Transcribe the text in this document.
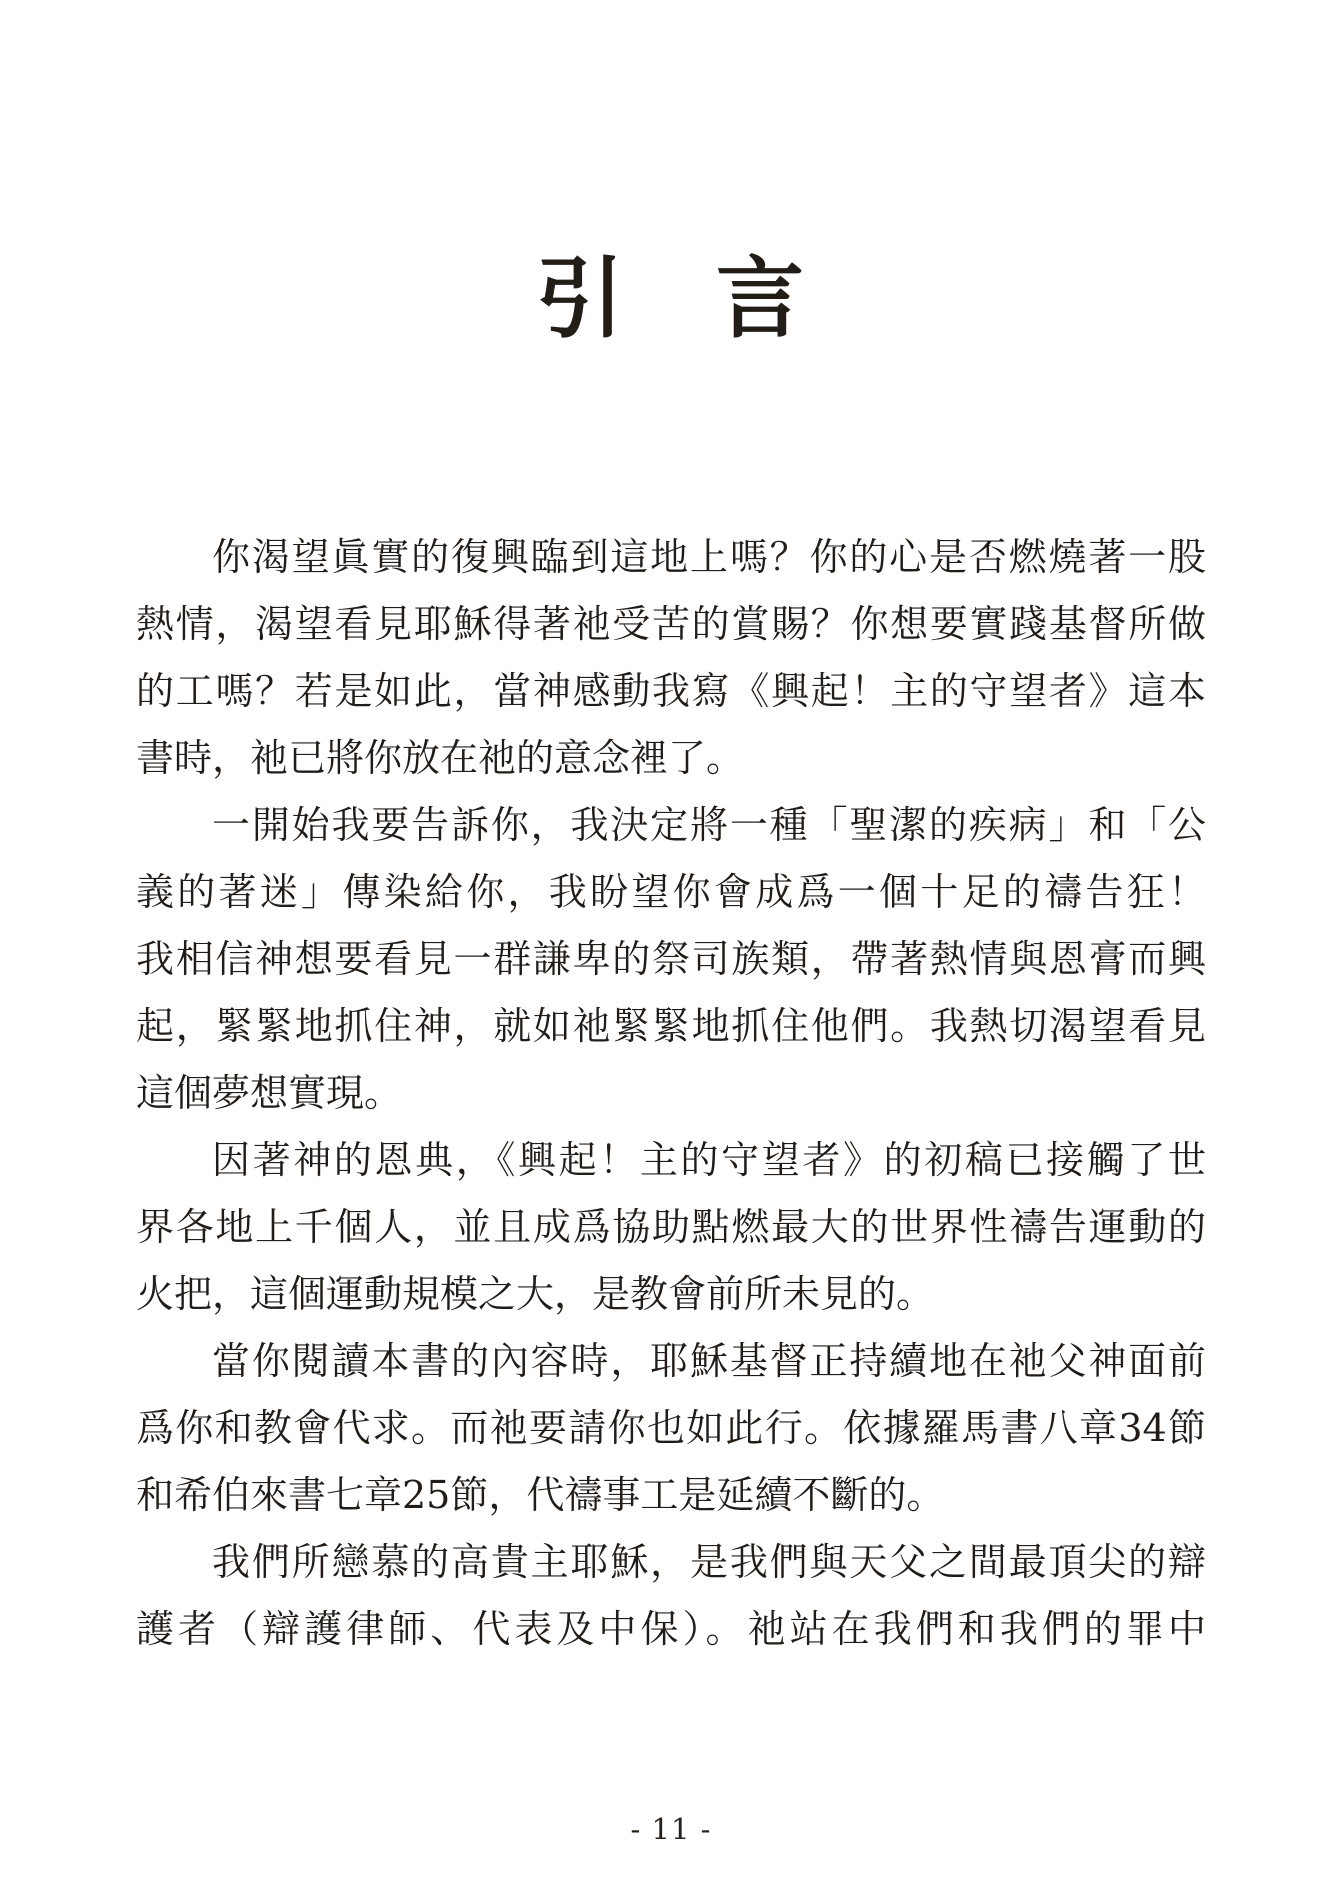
引　言
你渴望眞實的復興臨到這地上嗎？你的心是否燃燒著一股
熱情，渴望看見耶穌得著祂受苦的賞賜？你想要實踐基督所做
的工嗎？若是如此，當神感動我寫《興起！主的守望者》這本
書時，祂已將你放在祂的意念裡了。
一開始我要告訴你，我決定將一種「聖潔的疾病」和「公
義的著迷」傳染給你，我盼望你會成爲一個十足的禱告狂！
我相信神想要看見一群謙卑的祭司族類，帶著熱情與恩膏而興
起，緊緊地抓住神，就如祂緊緊地抓住他們。我熱切渴望看見
這個夢想實現。
因著神的恩典，《興起！主的守望者》的初稿已接觸了世
界各地上千個人，並且成爲協助點燃最大的世界性禱告運動的
火把，這個運動規模之大，是教會前所未見的。
當你閱讀本書的內容時，耶穌基督正持續地在祂父神面前
爲你和教會代求。而祂要請你也如此行。依據羅馬書八章34節
和希伯來書七章25節，代禱事工是延續不斷的。
我們所戀慕的高貴主耶穌，是我們與天父之間最頂尖的辯
護者（辯護律師、代表及中保）。祂站在我們和我們的罪中
- 11 -
